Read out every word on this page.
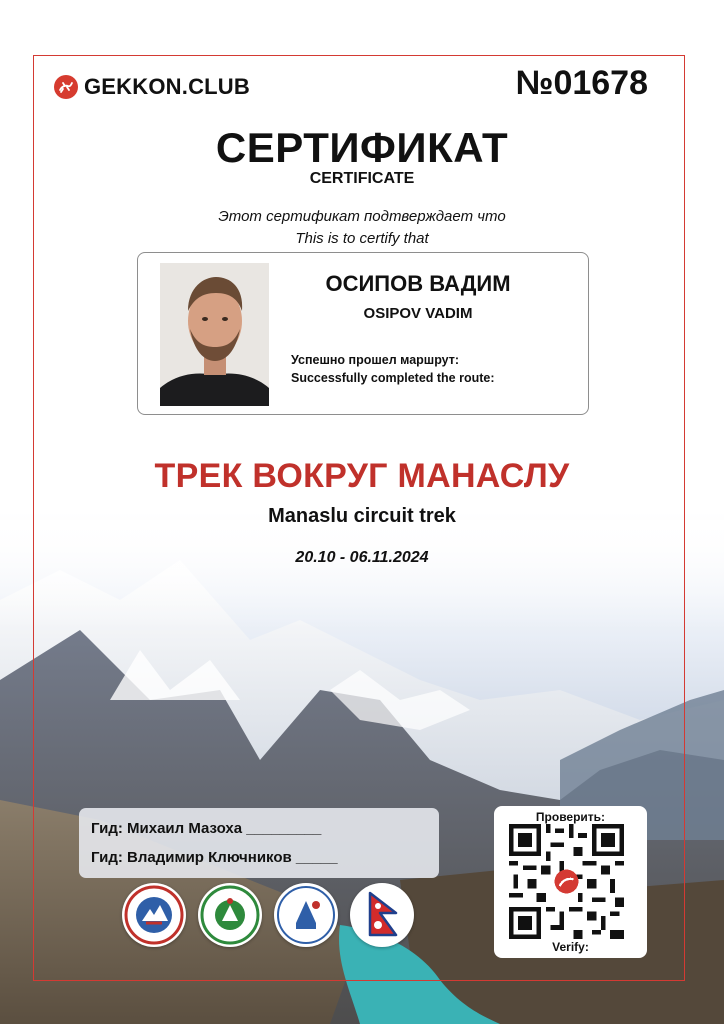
GEKKON.CLUB	№01678
СЕРТИФИКАТ
CERTIFICATE
Этот сертификат подтверждает что
This is to certify that
ОСИПОВ ВАДИМ
OSIPOV VADIM
Успешно прошел маршрут:
Successfully completed the route:
ТРЕК ВОКРУГ МАНАСЛУ
Manaslu circuit trek
20.10 - 06.11.2024
Гид: Михаил Мазоха _________
Гид: Владимир Ключников _____
Проверить:
Verify:
